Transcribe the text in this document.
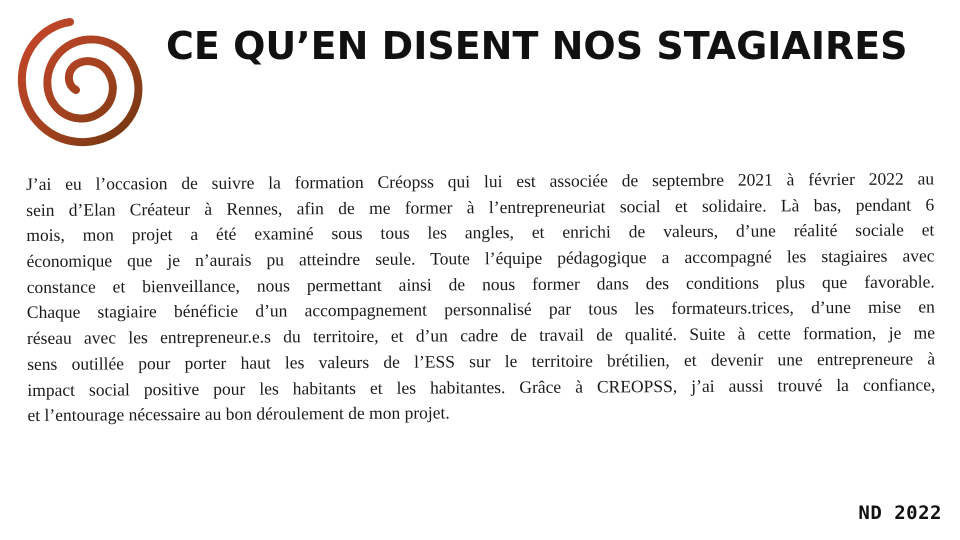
CE QU’EN DISENT NOS STAGIAIRES
J’ai eu l’occasion de suivre la formation Créopss qui lui est associée de septembre 2021 à février 2022 au
sein d’Elan Créateur à Rennes, afin de me former à l’entrepreneuriat social et solidaire. Là bas, pendant 6
mois, mon projet a été examiné sous tous les angles, et enrichi de valeurs, d’une réalité sociale et
économique que je n’aurais pu atteindre seule. Toute l’équipe pédagogique a accompagné les stagiaires avec
constance et bienveillance, nous permettant ainsi de nous former dans des conditions plus que favorable.
Chaque stagiaire bénéficie d’un accompagnement personnalisé par tous les formateurs.trices, d’une mise en
réseau avec les entrepreneur.e.s du territoire, et d’un cadre de travail de qualité. Suite à cette formation, je me
sens outillée pour porter haut les valeurs de l’ESS sur le territoire brétilien, et devenir une entrepreneure à
impact social positive pour les habitants et les habitantes. Grâce à CREOPSS, j’ai aussi trouvé la confiance,
et l’entourage nécessaire au bon déroulement de mon projet.
ND 2022
